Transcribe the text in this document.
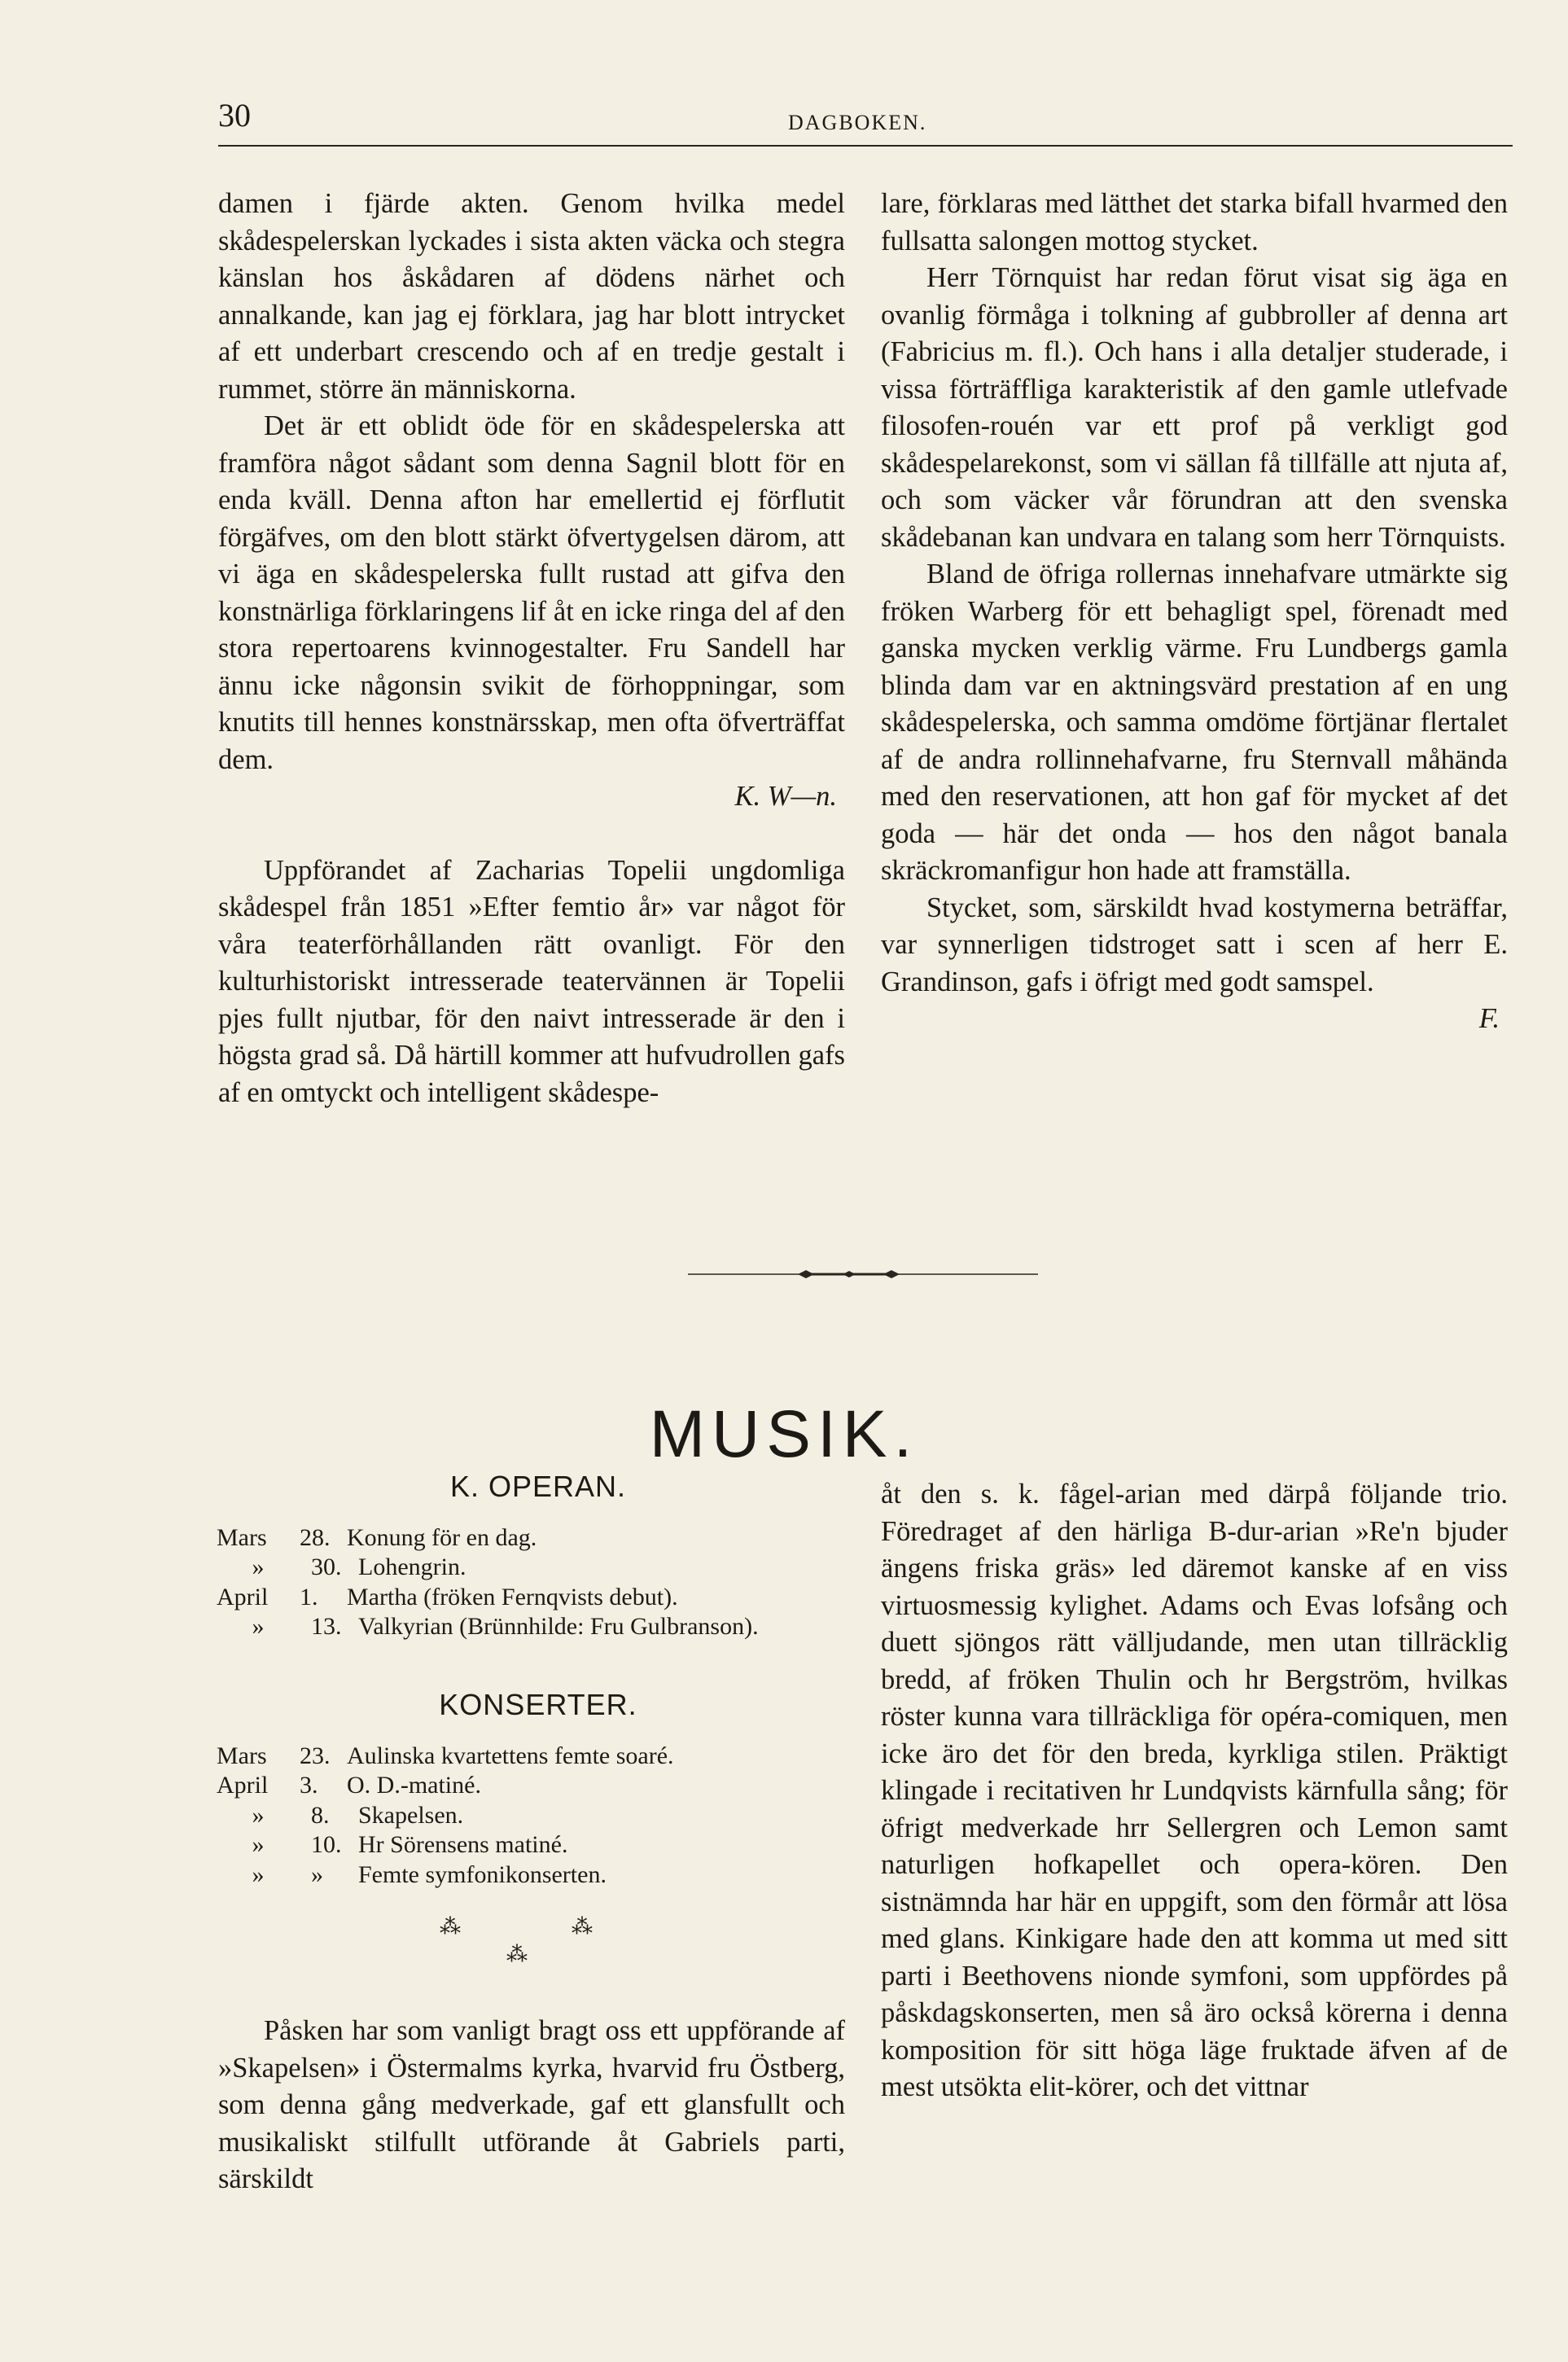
30	DAGBOKEN.

damen i fjärde akten. Genom hvilka medel skådespelerskan lyckades i sista akten väcka och stegra känslan hos åskådaren af dödens närhet och annalkande, kan jag ej förklara, jag har blott intrycket af ett underbart crescendo och af en tredje gestalt i rummet, större än människorna.

Det är ett oblidt öde för en skådespelerska att framföra något sådant som denna Sagnil blott för en enda kväll. Denna afton har emellertid ej förflutit förgäfves, om den blott stärkt öfvertygelsen därom, att vi äga en skådespelerska fullt rustad att gifva den konstnärliga förklaringens lif åt en icke ringa del af den stora repertoarens kvinnogestalter. Fru Sandell har ännu icke någonsin svikit de förhoppningar, som knutits till hennes konstnärsskap, men ofta öfverträffat dem.

K. W—n.

Uppförandet af Zacharias Topelii ungdomliga skådespel från 1851 »Efter femtio år» var något för våra teaterförhållanden rätt ovanligt. För den kulturhistoriskt intresserade teatervännen är Topelii pjes fullt njutbar, för den naivt intresserade är den i högsta grad så. Då härtill kommer att hufvudrollen gafs af en omtyckt och intelligent skådespe-

lare, förklaras med lätthet det starka bifall hvarmed den fullsatta salongen mottog stycket.

Herr Törnquist har redan förut visat sig äga en ovanlig förmåga i tolkning af gubbroller af denna art (Fabricius m. fl.). Och hans i alla detaljer studerade, i vissa förträffliga karakteristik af den gamle utlefvade filosofen-rouén var ett prof på verkligt god skådespelarekonst, som vi sällan få tillfälle att njuta af, och som väcker vår förundran att den svenska skådebanan kan undvara en talang som herr Törnquists.

Bland de öfriga rollernas innehafvare utmärkte sig fröken Warberg för ett behagligt spel, förenadt med ganska mycken verklig värme. Fru Lundbergs gamla blinda dam var en aktningsvärd prestation af en ung skådespelerska, och samma omdöme förtjänar flertalet af de andra rollinnehafvarne, fru Sternvall måhända med den reservationen, att hon gaf för mycket af det goda — här det onda — hos den något banala skräckromanfigur hon hade att framställa.

Stycket, som, särskildt hvad kostymerna beträffar, var synnerligen tidstroget satt i scen af herr E. Grandinson, gafs i öfrigt med godt samspel.

F.

MUSIK.
K. OPERAN.
Mars	28. Konung för en dag.
»	30. Lohengrin.
April	1.	Martha (fröken Fernqvists debut).
»	13. Valkyrian (Brünnhilde: Fru Gulbranson).
KONSERTER.
Mars	23. Aulinska kvartettens femte soaré.
April	3.	O. D.-matiné.
»	8.	Skapelsen.
»	10. Hr Sörensens matiné.
»	»	Femte symfonikonserten.
⁂	⁂
⁂

Påsken har som vanligt bragt oss ett uppförande af »Skapelsen» i Östermalms kyrka, hvarvid fru Östberg, som denna gång medverkade, gaf ett glansfullt och musikaliskt stilfullt utförande åt Gabriels parti, särskildt

åt den s. k. fågel-arian med därpå följande trio. Föredraget af den härliga B-dur-arian »Re'n bjuder ängens friska gräs» led däremot kanske af en viss virtuosmessig kylighet. Adams och Evas lofsång och duett sjöngos rätt välljudande, men utan tillräcklig bredd, af fröken Thulin och hr Bergström, hvilkas röster kunna vara tillräckliga för opéra-comiquen, men icke äro det för den breda, kyrkliga stilen. Präktigt klingade i recitativen hr Lundqvists kärnfulla sång; för öfrigt medverkade hrr Sellergren och Lemon samt naturligen hofkapellet och opera-kören. Den sistnämnda har här en uppgift, som den förmår att lösa med glans. Kinkigare hade den att komma ut med sitt parti i Beethovens nionde symfoni, som uppfördes på påskdagskonserten, men så äro också körerna i denna komposition för sitt höga läge fruktade äfven af de mest utsökta elit-körer, och det vittnar
